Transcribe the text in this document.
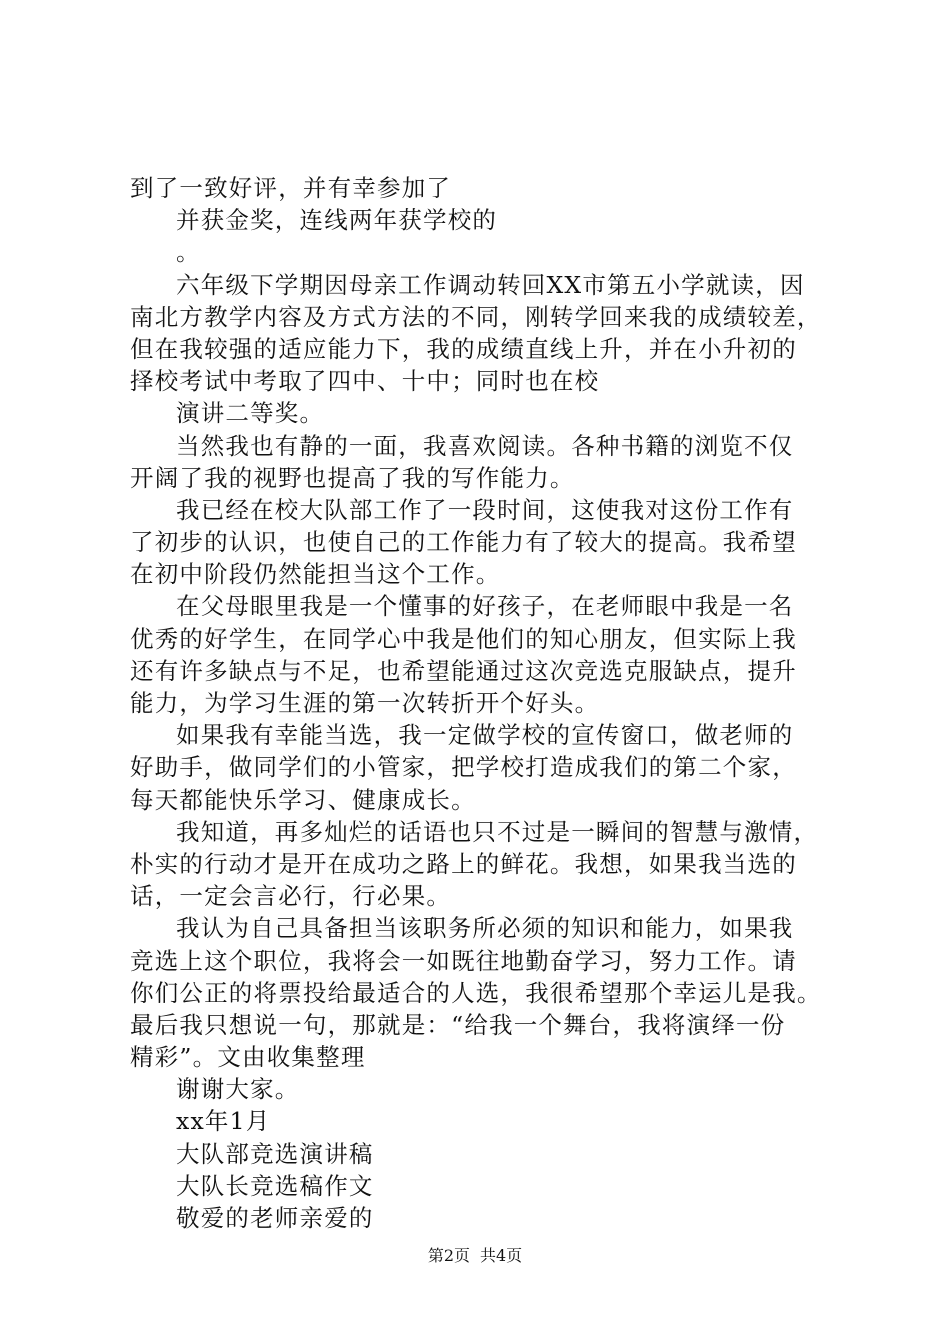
到了一致好评，并有幸参加了
并获金奖，连线两年获学校的
。
六年级下学期因母亲工作调动转回XX市第五小学就读，因
南北方教学内容及方式方法的不同，刚转学回来我的成绩较差，
但在我较强的适应能力下，我的成绩直线上升，并在小升初的
择校考试中考取了四中、十中；同时也在校
演讲二等奖。
当然我也有静的一面，我喜欢阅读。各种书籍的浏览不仅
开阔了我的视野也提高了我的写作能力。
我已经在校大队部工作了一段时间，这使我对这份工作有
了初步的认识，也使自己的工作能力有了较大的提高。我希望
在初中阶段仍然能担当这个工作。
在父母眼里我是一个懂事的好孩子，在老师眼中我是一名
优秀的好学生，在同学心中我是他们的知心朋友，但实际上我
还有许多缺点与不足，也希望能通过这次竞选克服缺点，提升
能力，为学习生涯的第一次转折开个好头。
如果我有幸能当选，我一定做学校的宣传窗口，做老师的
好助手，做同学们的小管家，把学校打造成我们的第二个家，
每天都能快乐学习、健康成长。
我知道，再多灿烂的话语也只不过是一瞬间的智慧与激情，
朴实的行动才是开在成功之路上的鲜花。我想，如果我当选的
话，一定会言必行，行必果。
我认为自己具备担当该职务所必须的知识和能力，如果我
竞选上这个职位，我将会一如既往地勤奋学习，努力工作。请
你们公正的将票投给最适合的人选，我很希望那个幸运儿是我。
最后我只想说一句，那就是：“给我一个舞台，我将演绎一份
精彩”。文由收集整理
谢谢大家。
xx年1月
大队部竞选演讲稿
大队长竞选稿作文
敬爱的老师亲爱的
第2页 共4页
